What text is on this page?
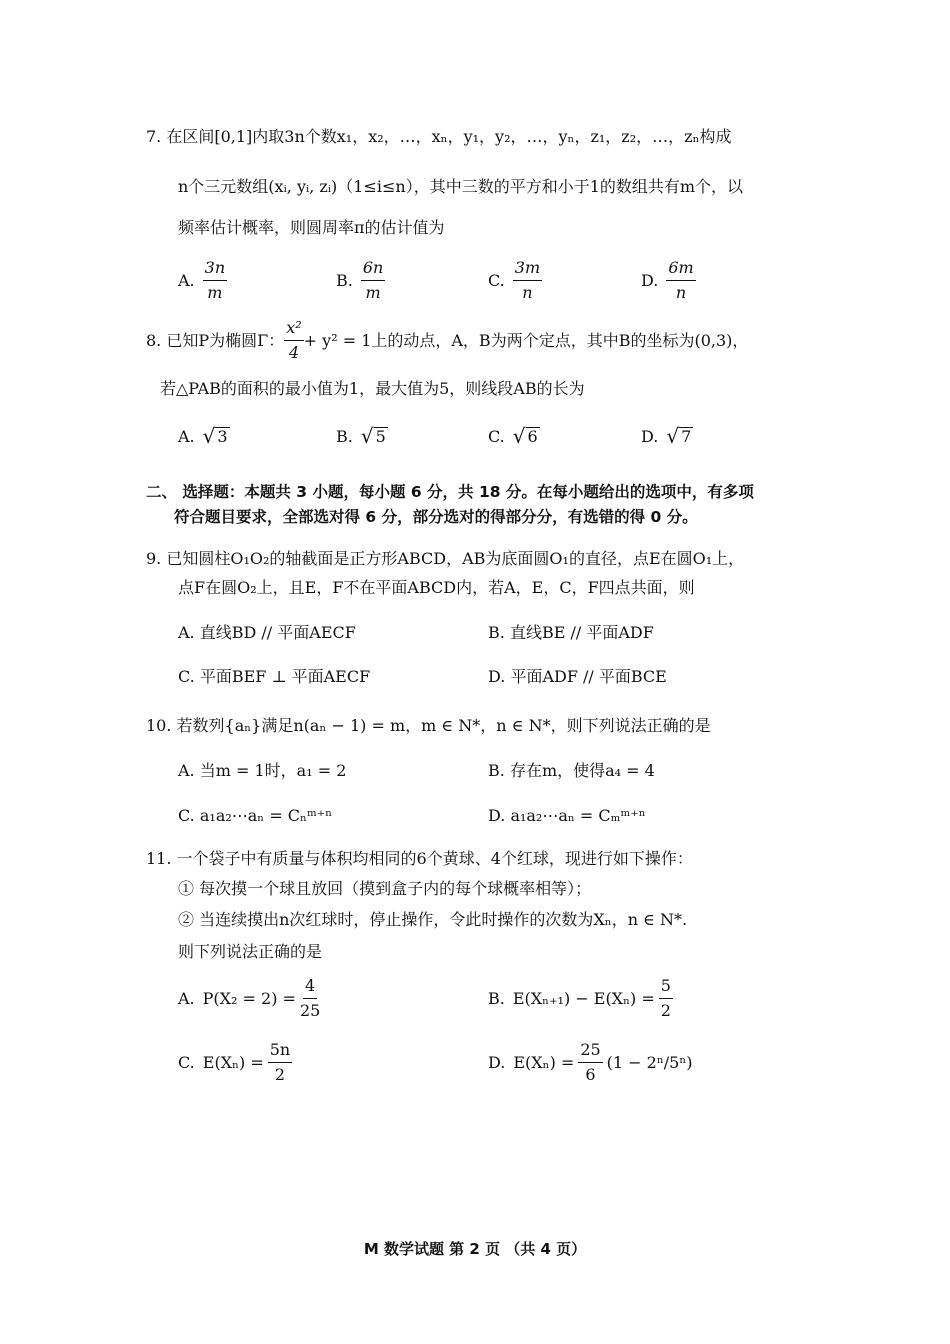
7. 在区间[0,1]内取3n个数x₁，x₂，…，xₙ，y₁，y₂，…，yₙ，z₁，z₂，…，zₙ构成
n个三元数组(xᵢ, yᵢ, zᵢ)（1≤i≤n），其中三数的平方和小于1的数组共有m个，以
频率估计概率，则圆周率π的估计值为
A. $\frac{3n}{m}$	B. $\frac{6n}{m}$	C. $\frac{3m}{n}$	D. $\frac{6m}{n}$
8. 已知P为椭圆Γ： $\frac{\text{x²}}{4} + y^2 = 1$上的动点，A，B为两个定点，其中B的坐标为(0,3)，
若△PAB的面积的最小值为1，最大值为5，则线段AB的长为
A. √ 3	B. √ 5	C. √ 6	D. √ 7
二、 选择题：本题共 3 小题，每小题 6 分，共 18 分。在每小题给出的选项中，有多项
符合题目要求，全部选对得 6 分，部分选对的得部分分，有选错的得 0 分。
9. 已知圆柱O₁O₂的轴截面是正方形ABCD，AB为底面圆O₁的直径，点E在圆O₁上，
点F在圆O₂上，且E，F不在平面ABCD内，若A，E，C，F四点共面，则
A. 直线BD // 平面AECF	B. 直线BE // 平面ADF
C. 平面BEF ⊥ 平面AECF	D. 平面ADF // 平面BCE
10. 若数列{aₙ}满足n(aₙ − 1) = m，m ∈ N*，n ∈ N*，则下列说法正确的是
A. 当m = 1时，a₁ = 2	B. 存在m，使得a₄ = 4
C. a₁a₂⋯aₙ = Cₙᵐ⁺ⁿ	D. a₁a₂⋯aₙ = Cₘᵐ⁺ⁿ
11. 一个袋子中有质量与体积均相同的6个黄球、4个红球，现进行如下操作：
① 每次摸一个球且放回（摸到盒子内的每个球概率相等）；
② 当连续摸出n次红球时，停止操作，令此时操作的次数为Xₙ，n ∈ N*.
则下列说法正确的是
A. $P(X_2 = 2) = \frac{4}{25}$	B. $E(X_{n+1}) - E(X_n) = \frac{5}{2}$
C. $E(X_n) = \frac{5n}{2}$	D. $E(X_n) = \frac{25}{6} (1 - 2^n/5^n)$
M 数学试题 第 2 页 （共 4 页）
